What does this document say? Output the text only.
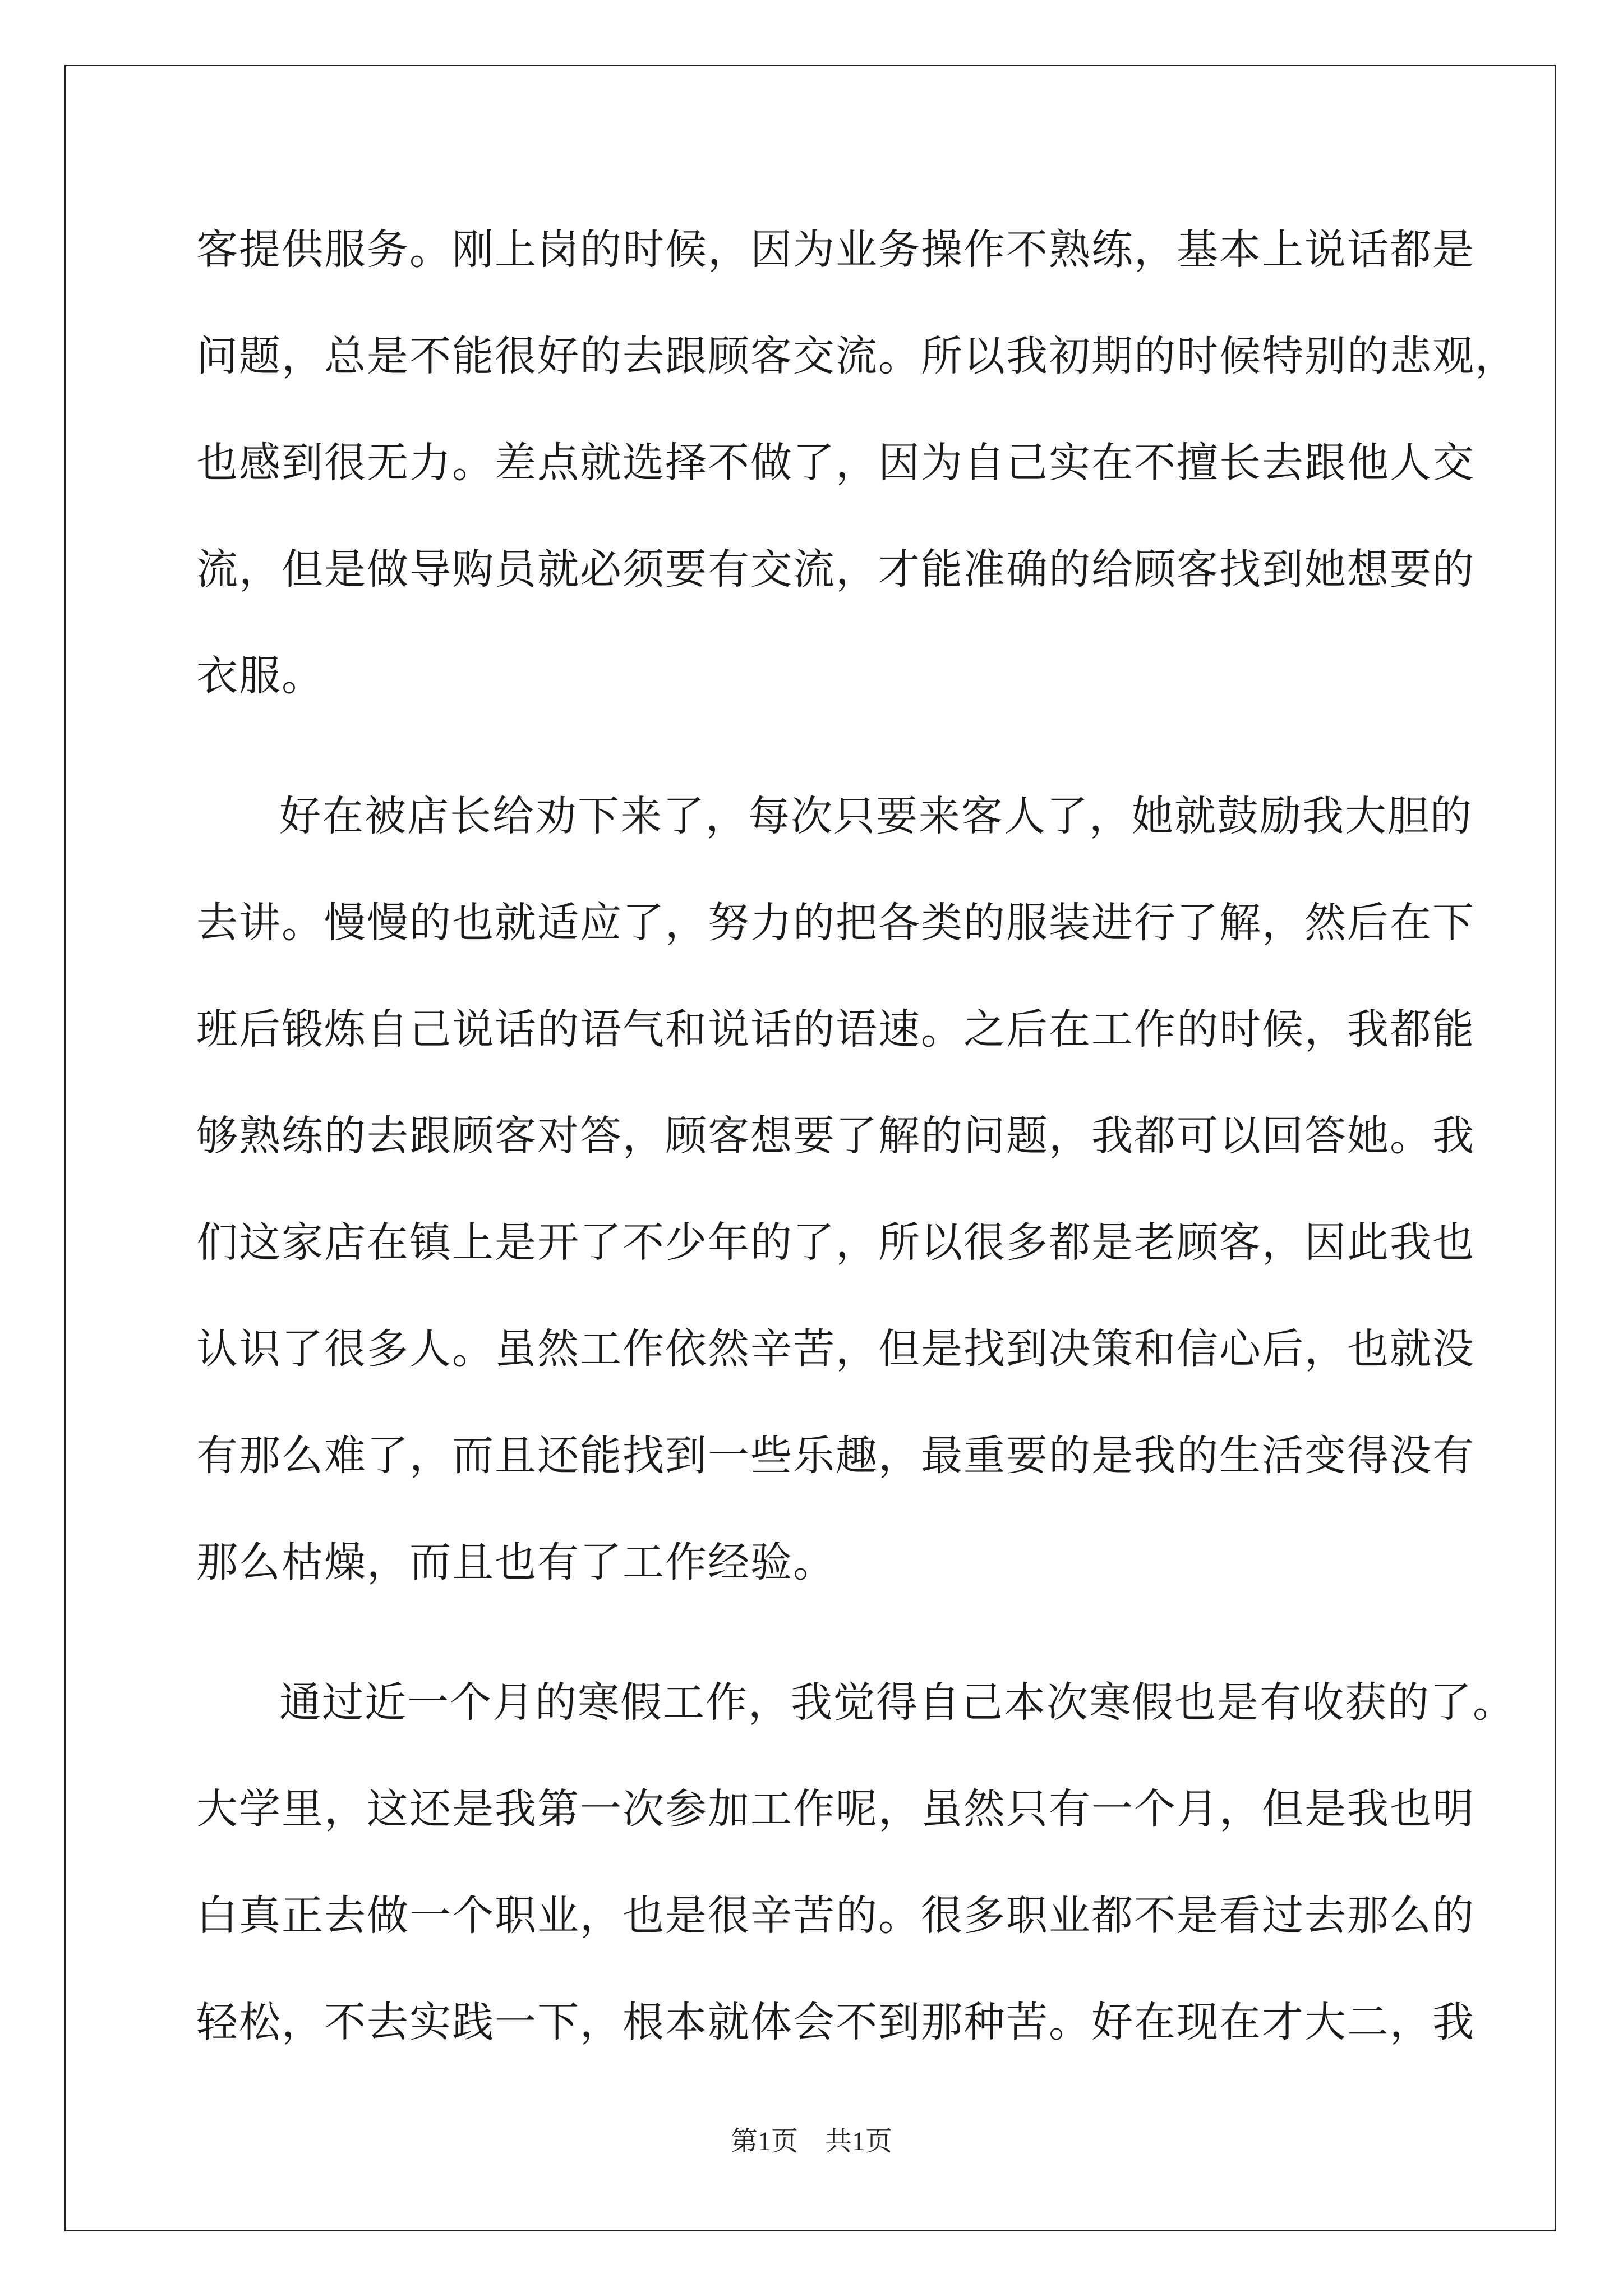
客提供服务。刚上岗的时候，因为业务操作不熟练，基本上说话都是
问题，总是不能很好的去跟顾客交流。所以我初期的时候特别的悲观，
也感到很无力。差点就选择不做了，因为自己实在不擅长去跟他人交
流，但是做导购员就必须要有交流，才能准确的给顾客找到她想要的
衣服。
好在被店长给劝下来了，每次只要来客人了，她就鼓励我大胆的
去讲。慢慢的也就适应了，努力的把各类的服装进行了解，然后在下
班后锻炼自己说话的语气和说话的语速。之后在工作的时候，我都能
够熟练的去跟顾客对答，顾客想要了解的问题，我都可以回答她。我
们这家店在镇上是开了不少年的了，所以很多都是老顾客，因此我也
认识了很多人。虽然工作依然辛苦，但是找到决策和信心后，也就没
有那么难了，而且还能找到一些乐趣，最重要的是我的生活变得没有
那么枯燥，而且也有了工作经验。
通过近一个月的寒假工作，我觉得自己本次寒假也是有收获的了。
大学里，这还是我第一次参加工作呢，虽然只有一个月，但是我也明
白真正去做一个职业，也是很辛苦的。很多职业都不是看过去那么的
轻松，不去实践一下，根本就体会不到那种苦。好在现在才大二，我
第1页　共1页
